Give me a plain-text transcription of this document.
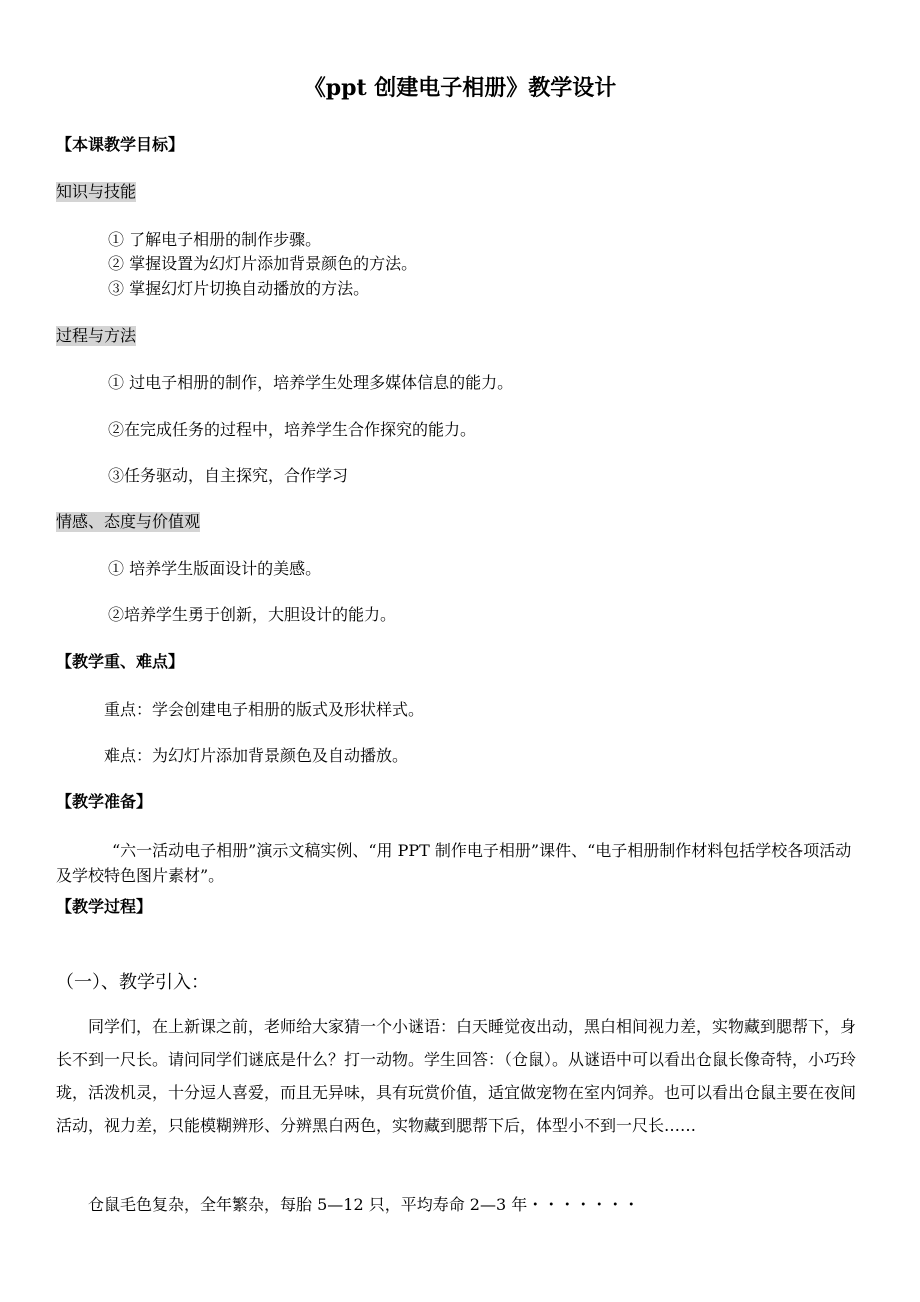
《ppt 创建电子相册》教学设计
【本课教学目标】
知识与技能
① 了解电子相册的制作步骤。
② 掌握设置为幻灯片添加背景颜色的方法。
③ 掌握幻灯片切换自动播放的方法。
过程与方法
① 过电子相册的制作，培养学生处理多媒体信息的能力。
②在完成任务的过程中，培养学生合作探究的能力。
③任务驱动，自主探究，合作学习
情感、态度与价值观
① 培养学生版面设计的美感。
②培养学生勇于创新，大胆设计的能力。
【教学重、难点】
重点：学会创建电子相册的版式及形状样式。
难点：为幻灯片添加背景颜色及自动播放。
【教学准备】
“六一活动电子相册”演示文稿实例、“用 PPT 制作电子相册”课件、“电子相册制作材料包括学校各项活动及学校特色图片素材”。
【教学过程】
（一）、教学引入：
同学们，在上新课之前，老师给大家猜一个小谜语：白天睡觉夜出动，黑白相间视力差，实物藏到腮帮下，身长不到一尺长。请问同学们谜底是什么？打一动物。学生回答：（仓鼠）。从谜语中可以看出仓鼠长像奇特，小巧玲珑，活泼机灵，十分逗人喜爱，而且无异味，具有玩赏价值，适宜做宠物在室内饲养。也可以看出仓鼠主要在夜间活动，视力差，只能模糊辨形、分辨黑白两色，实物藏到腮帮下后，体型小不到一尺长……
仓鼠毛色复杂，全年繁杂，每胎 5—12 只，平均寿命 2—3 年・・・・・・・
